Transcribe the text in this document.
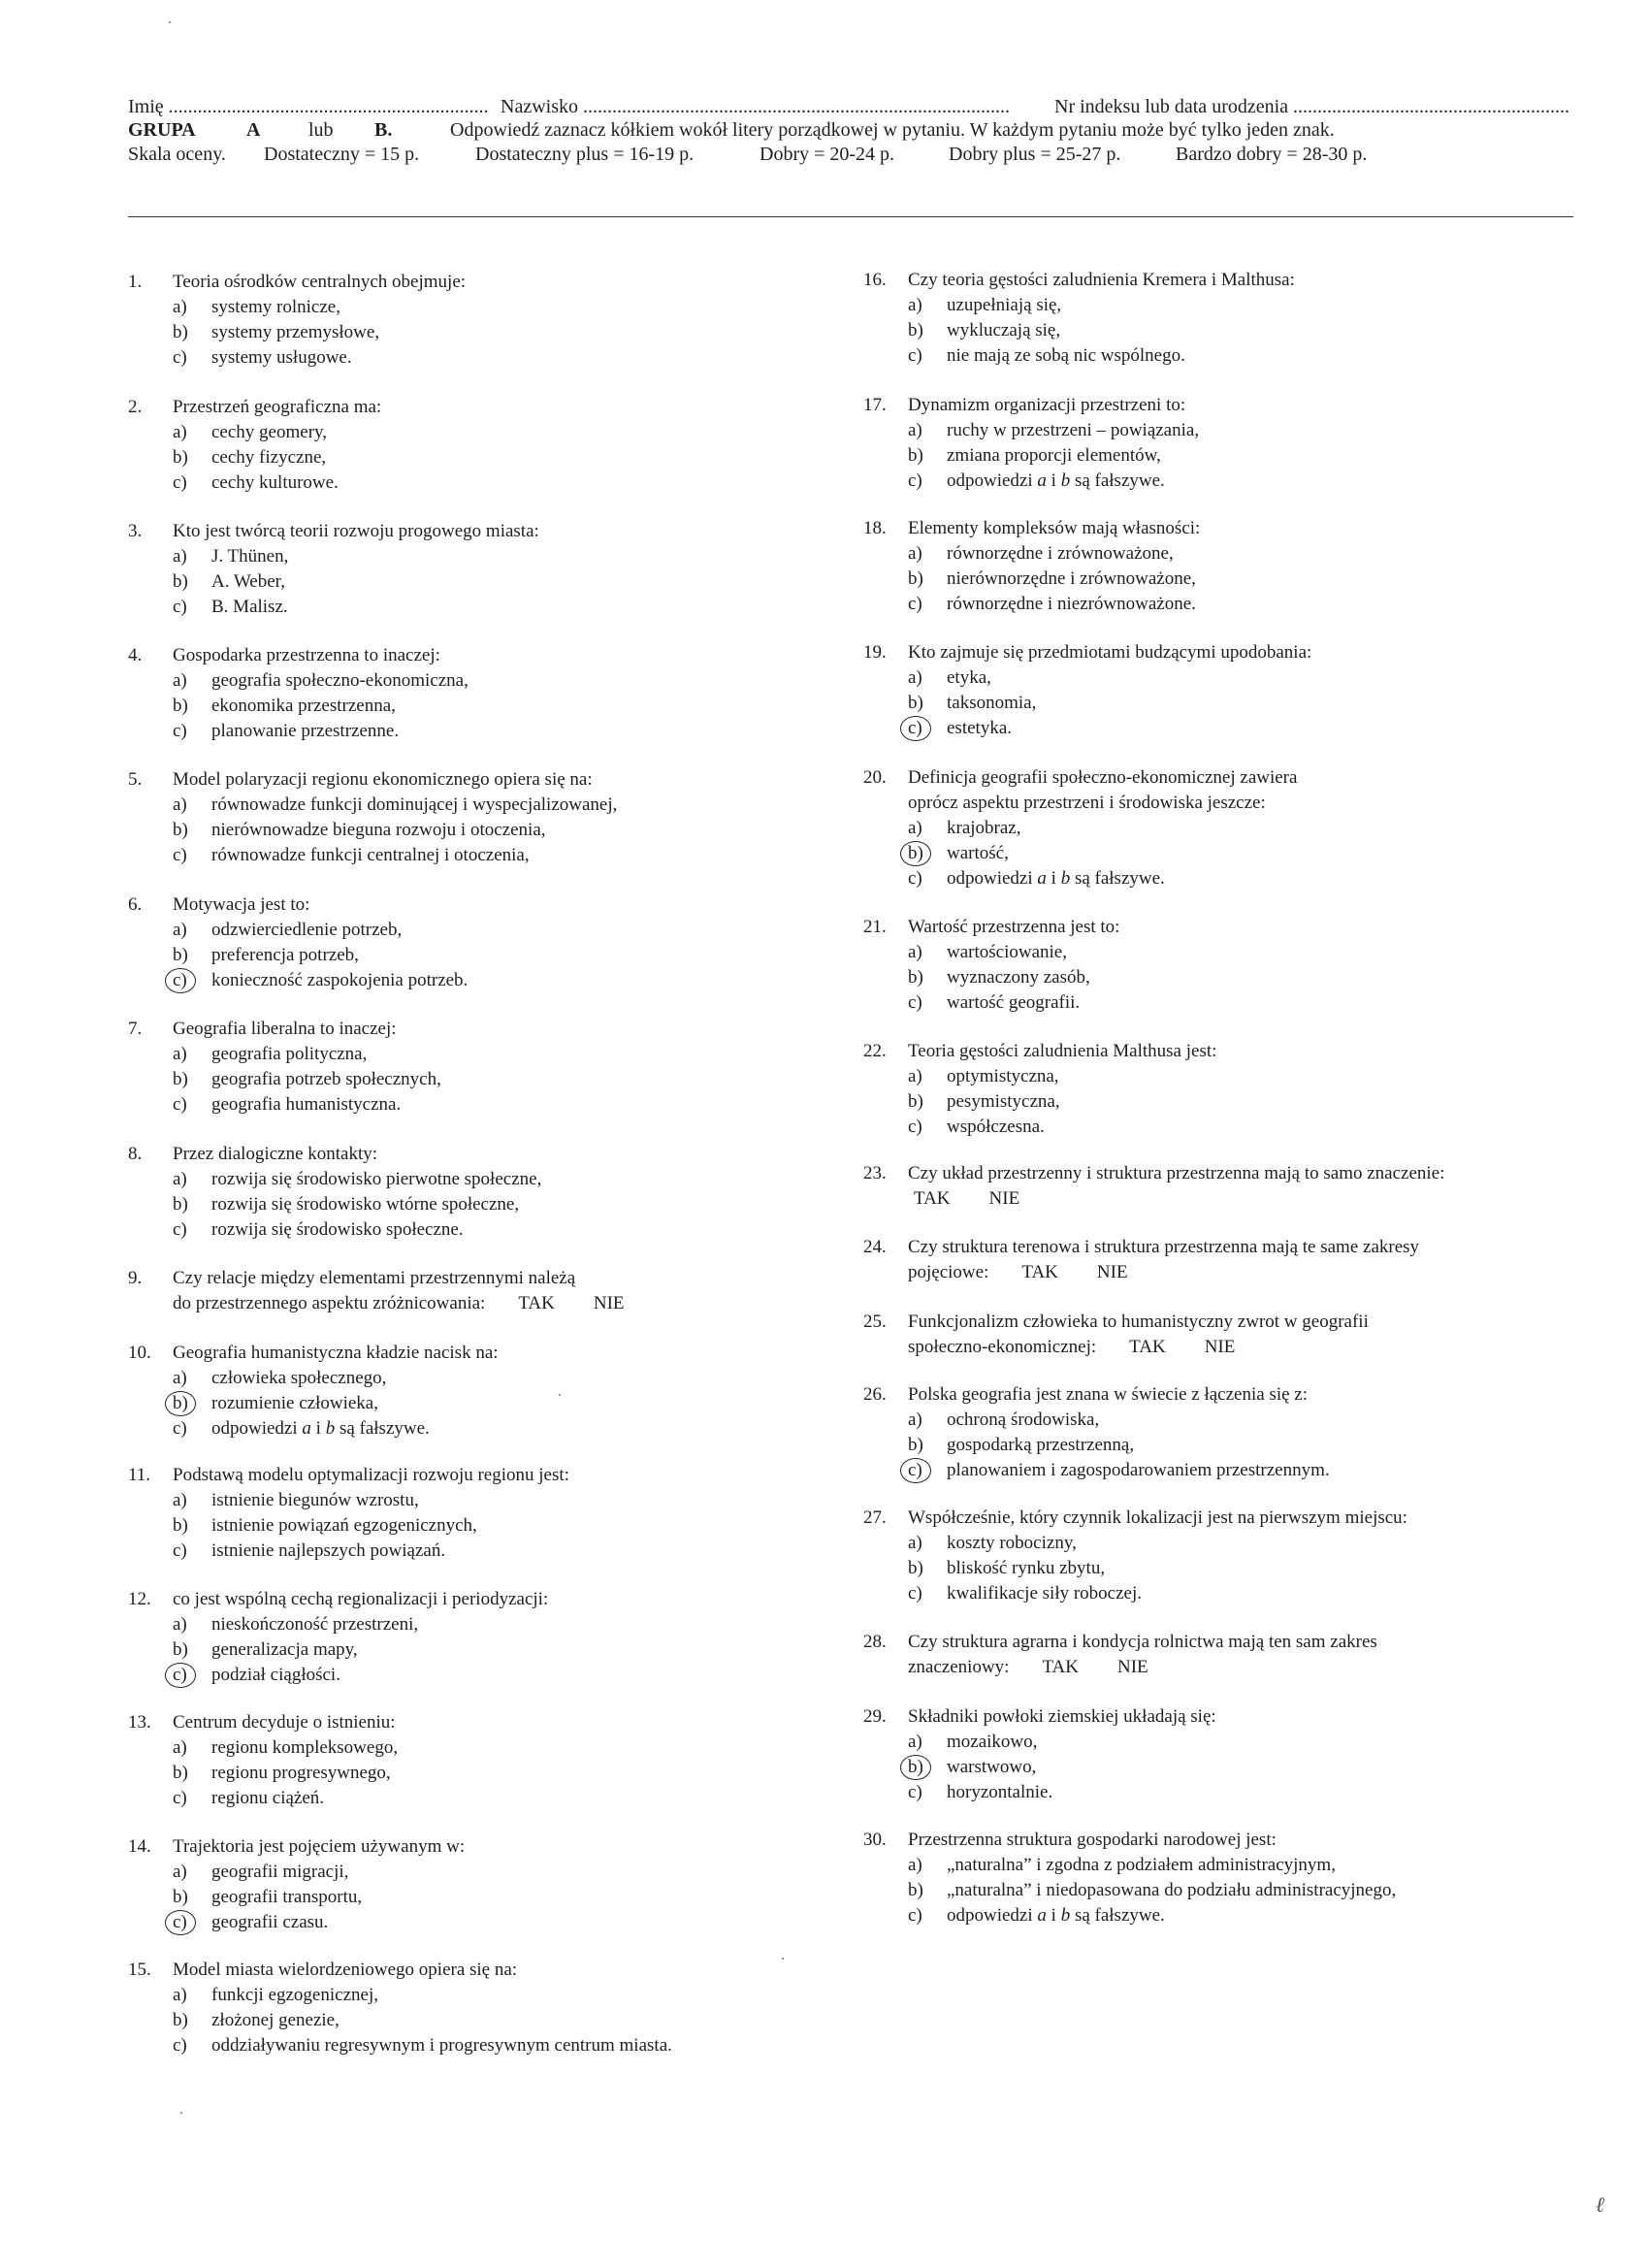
Imię .................................................................. Nazwisko ........................................................................................ Nr indeksu lub data urodzenia .........................................................
GRUPA	A lub B.	Odpowiedź zaznacz kółkiem wokół litery porządkowej w pytaniu. W każdym pytaniu może być tylko jeden znak.
Skala oceny. Dostateczny = 15 p.	Dostateczny plus = 16-19 p.	Dobry = 20-24 p.	Dobry plus = 25-27 p.	Bardzo dobry = 28-30 p.
1.	Teoria ośrodków centralnych obejmuje:
a)	systemy rolnicze,
b)	systemy przemysłowe,
c)	systemy usługowe.
2.	Przestrzeń geograficzna ma:
a)	cechy geomery,
b)	cechy fizyczne,
c)	cechy kulturowe.
3.	Kto jest twórcą teorii rozwoju progowego miasta:
a)	J. Thünen,
b)	A. Weber,
c)	B. Malisz.
4.	Gospodarka przestrzenna to inaczej:
a)	geografia społeczno-ekonomiczna,
b)	ekonomika przestrzenna,
c)	planowanie przestrzenne.
5.	Model polaryzacji regionu ekonomicznego opiera się na:
a)	równowadze funkcji dominującej i wyspecjalizowanej,
b)	nierównowadze bieguna rozwoju i otoczenia,
c)	równowadze funkcji centralnej i otoczenia,
6.	Motywacja jest to:
a)	odzwierciedlenie potrzeb,
b)	preferencja potrzeb,
c)	konieczność zaspokojenia potrzeb.
7.	Geografia liberalna to inaczej:
a)	geografia polityczna,
b)	geografia potrzeb społecznych,
c)	geografia humanistyczna.
8.	Przez dialogiczne kontakty:
a)	rozwija się środowisko pierwotne społeczne,
b)	rozwija się środowisko wtórne społeczne,
c)	rozwija się środowisko społeczne.
9.	Czy relacje między elementami przestrzennymi należą
do przestrzennego aspektu zróżnicowania: TAK NIE
10.	Geografia humanistyczna kładzie nacisk na:
a)	człowieka społecznego,
b)	rozumienie człowieka,
c)	odpowiedzi a i b są fałszywe.
11.	Podstawą modelu optymalizacji rozwoju regionu jest:
a)	istnienie biegunów wzrostu,
b)	istnienie powiązań egzogenicznych,
c)	istnienie najlepszych powiązań.
12.	co jest wspólną cechą regionalizacji i periodyzacji:
a)	nieskończoność przestrzeni,
b)	generalizacja mapy,
c)	podział ciągłości.
13.	Centrum decyduje o istnieniu:
a)	regionu kompleksowego,
b)	regionu progresywnego,
c)	regionu ciążeń.
14.	Trajektoria jest pojęciem używanym w:
a)	geografii migracji,
b)	geografii transportu,
c)	geografii czasu.
15.	Model miasta wielordzeniowego opiera się na:
a)	funkcji egzogenicznej,
b)	złożonej genezie,
c)	oddziaływaniu regresywnym i progresywnym centrum miasta.
16.	Czy teoria gęstości zaludnienia Kremera i Malthusa:
a)	uzupełniają się,
b)	wykluczają się,
c)	nie mają ze sobą nic wspólnego.
17.	Dynamizm organizacji przestrzeni to:
a)	ruchy w przestrzeni – powiązania,
b)	zmiana proporcji elementów,
c)	odpowiedzi a i b są fałszywe.
18.	Elementy kompleksów mają własności:
a)	równorzędne i zrównoważone,
b)	nierównorzędne i zrównoważone,
c)	równorzędne i niezrównoważone.
19.	Kto zajmuje się przedmiotami budzącymi upodobania:
a)	etyka,
b)	taksonomia,
c)	estetyka.
20.	Definicja geografii społeczno-ekonomicznej zawiera
oprócz aspektu przestrzeni i środowiska jeszcze:
a)	krajobraz,
b)	wartość,
c)	odpowiedzi a i b są fałszywe.
21.	Wartość przestrzenna jest to:
a)	wartościowanie,
b)	wyznaczony zasób,
c)	wartość geografii.
22.	Teoria gęstości zaludnienia Malthusa jest:
a)	optymistyczna,
b)	pesymistyczna,
c)	współczesna.
23.	Czy układ przestrzenny i struktura przestrzenna mają to samo znaczenie:
TAK NIE
24.	Czy struktura terenowa i struktura przestrzenna mają te same zakresy
pojęciowe: TAK NIE
25.	Funkcjonalizm człowieka to humanistyczny zwrot w geografii
społeczno-ekonomicznej: TAK NIE
26.	Polska geografia jest znana w świecie z łączenia się z:
a)	ochroną środowiska,
b)	gospodarką przestrzenną,
c)	planowaniem i zagospodarowaniem przestrzennym.
27.	Współcześnie, który czynnik lokalizacji jest na pierwszym miejscu:
a)	koszty robocizny,
b)	bliskość rynku zbytu,
c)	kwalifikacje siły roboczej.
28.	Czy struktura agrarna i kondycja rolnictwa mają ten sam zakres
znaczeniowy: TAK NIE
29.	Składniki powłoki ziemskiej układają się:
a)	mozaikowo,
b)	warstwowo,
c)	horyzontalnie.
30.	Przestrzenna struktura gospodarki narodowej jest:
a)	„naturalna” i zgodna z podziałem administracyjnym,
b)	„naturalna” i niedopasowana do podziału administracyjnego,
c)	odpowiedzi a i b są fałszywe.
ℓ
